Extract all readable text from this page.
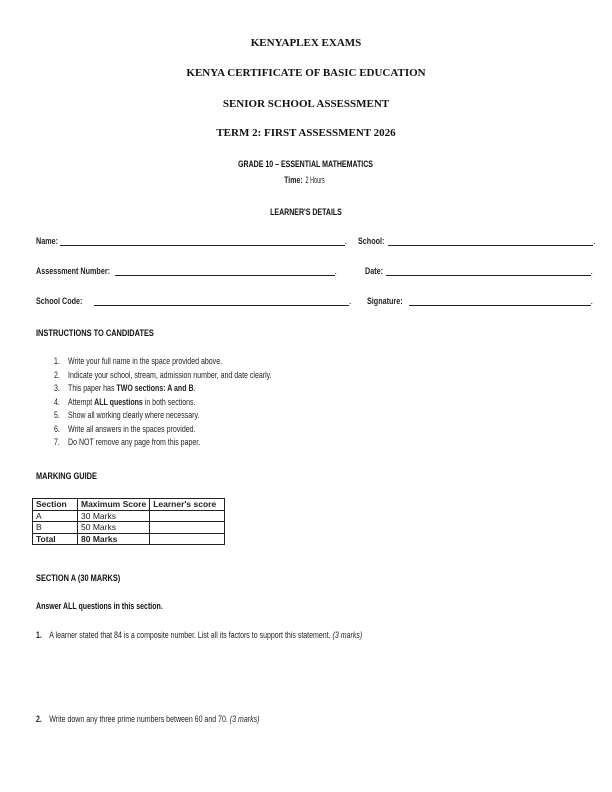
KENYAPLEX EXAMS
KENYA CERTIFICATE OF BASIC EDUCATION
SENIOR SCHOOL ASSESSMENT
TERM 2: FIRST ASSESSMENT 2026
GRADE 10 – ESSENTIAL MATHEMATICS
Time:2 Hours
LEARNER'S DETAILS
Name:	. School:	.
Assessment Number:	.	Date:	.
School Code:	. Signature:	.
INSTRUCTIONS TO CANDIDATES
1. Write your full name in the space provided above.
2. Indicate your school, stream, admission number, and date clearly.
3. This paper has TWO sections: A and B.
4. Attempt ALL questions in both sections.
5. Show all working clearly where necessary.
6. Write all answers in the spaces provided.
7. Do NOT remove any page from this paper.
MARKING GUIDE
Section	Maximum Score	Learner's score
A	30 Marks	
B	50 Marks	
Total	80 Marks	
SECTION A (30 MARKS)
Answer ALL questions in this section.
1. A learner stated that 84 is a composite number. List all its factors to support this statement. (3 marks)
2. Write down any three prime numbers between 60 and 70. (3 marks)
